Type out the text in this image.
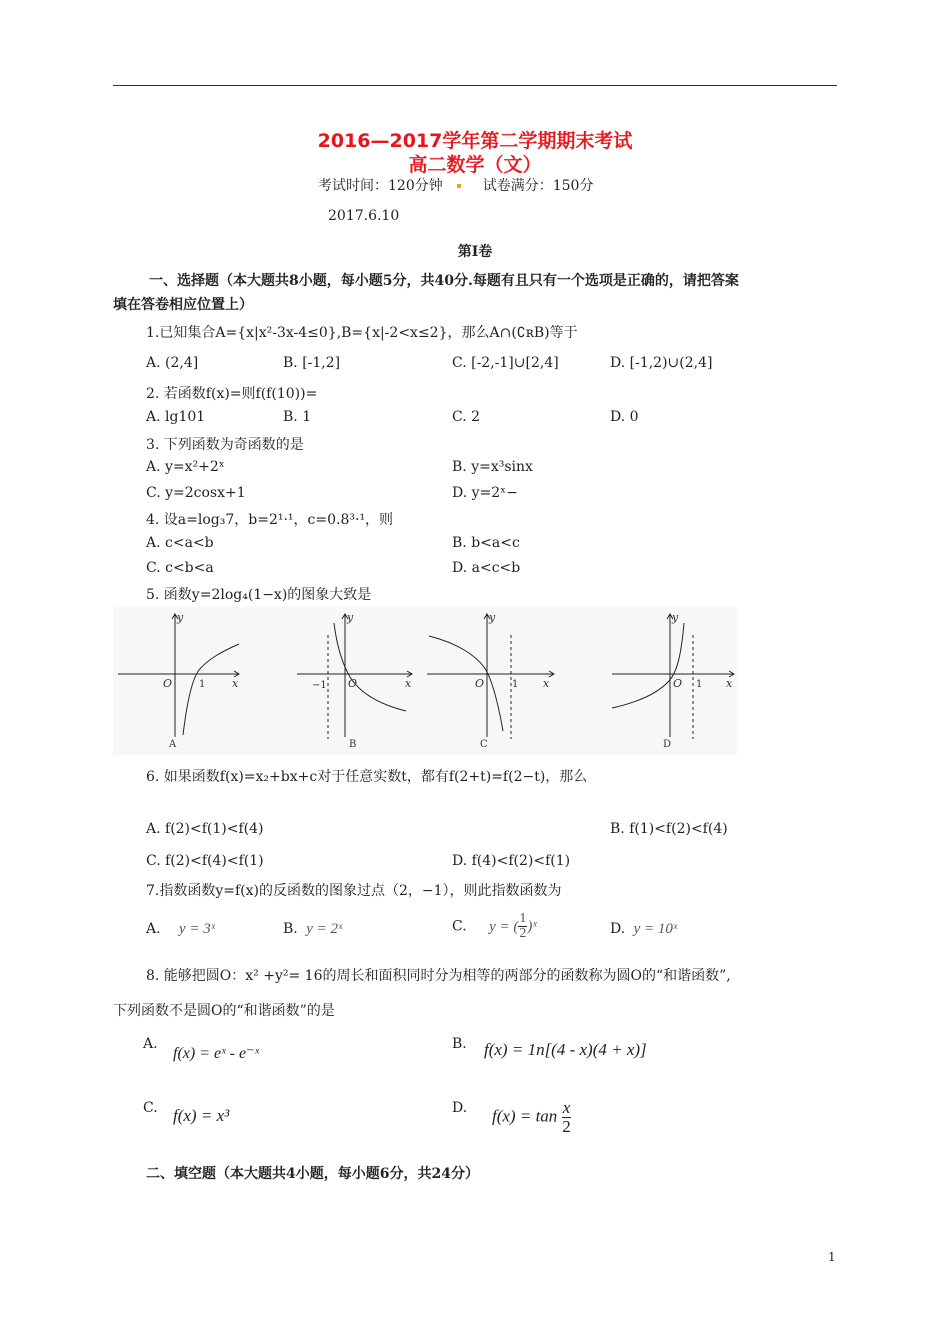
2016—2017学年第二学期期末考试
高二数学（文）
考试时间：120分钟	试卷满分：150分
2017.6.10
第Ⅰ卷
一、选择题（本大题共8小题，每小题5分，共40分.每题有且只有一个选项是正确的，请把答案
填在答卷相应位置上）
1.已知集合A={x|x²-3x-4≤0},B={x|-2<x≤2}，那么A∩(∁ʀB)等于
A. (2,4]	B. [-1,2]	C. [-2,-1]∪[2,4]	D. [-1,2)∪(2,4]
2. 若函数f(x)=则f(f(10))=
A. lg101	B. 1	C. 2	D. 0
3. 下列函数为奇函数的是
A. y=x²+2ˣ	B. y=x³sinx
C. y=2cosx+1	D. y=2ˣ−
4. 设a=log₃7，b=2¹·¹，c=0.8³·¹，则
A. c<a<b	B. b<a<c
C. c<b<a	D. a<c<b
5. 函数y=2log₄(1−x)的图象大致是
y
x
O	1
A
y
x
O
−1
B
y
x
O	1
C
y
x
O 1
D
6. 如果函数f(x)=x₂+bx+c对于任意实数t，都有f(2+t)=f(2−t)，那么
A. f(2)<f(1)<f(4)	B. f(1)<f(2)<f(4)
C. f(2)<f(4)<f(1)	D. f(4)<f(2)<f(1)
7.指数函数y=f(x)的反函数的图象过点（2，−1），则此指数函数为
A. y = 3ˣ	B. y = 2ˣ	C. y = ( $\frac{1}{2}$ )ˣ	D. y = 10ˣ
8. 能够把圆O：x² +y²= 16的周长和面积同时分为相等的两部分的函数称为圆O的“和谐函数”,
下列函数不是圆O的“和谐函数”的是
A.
f(x) = eˣ - e⁻ˣ
B. f(x) = 1n[(4 - x)(4 + x)]
C. f(x) = x³	D. $f(x) = \tan \frac{x}{2}$
二、填空题（本大题共4小题，每小题6分，共24分）
1
